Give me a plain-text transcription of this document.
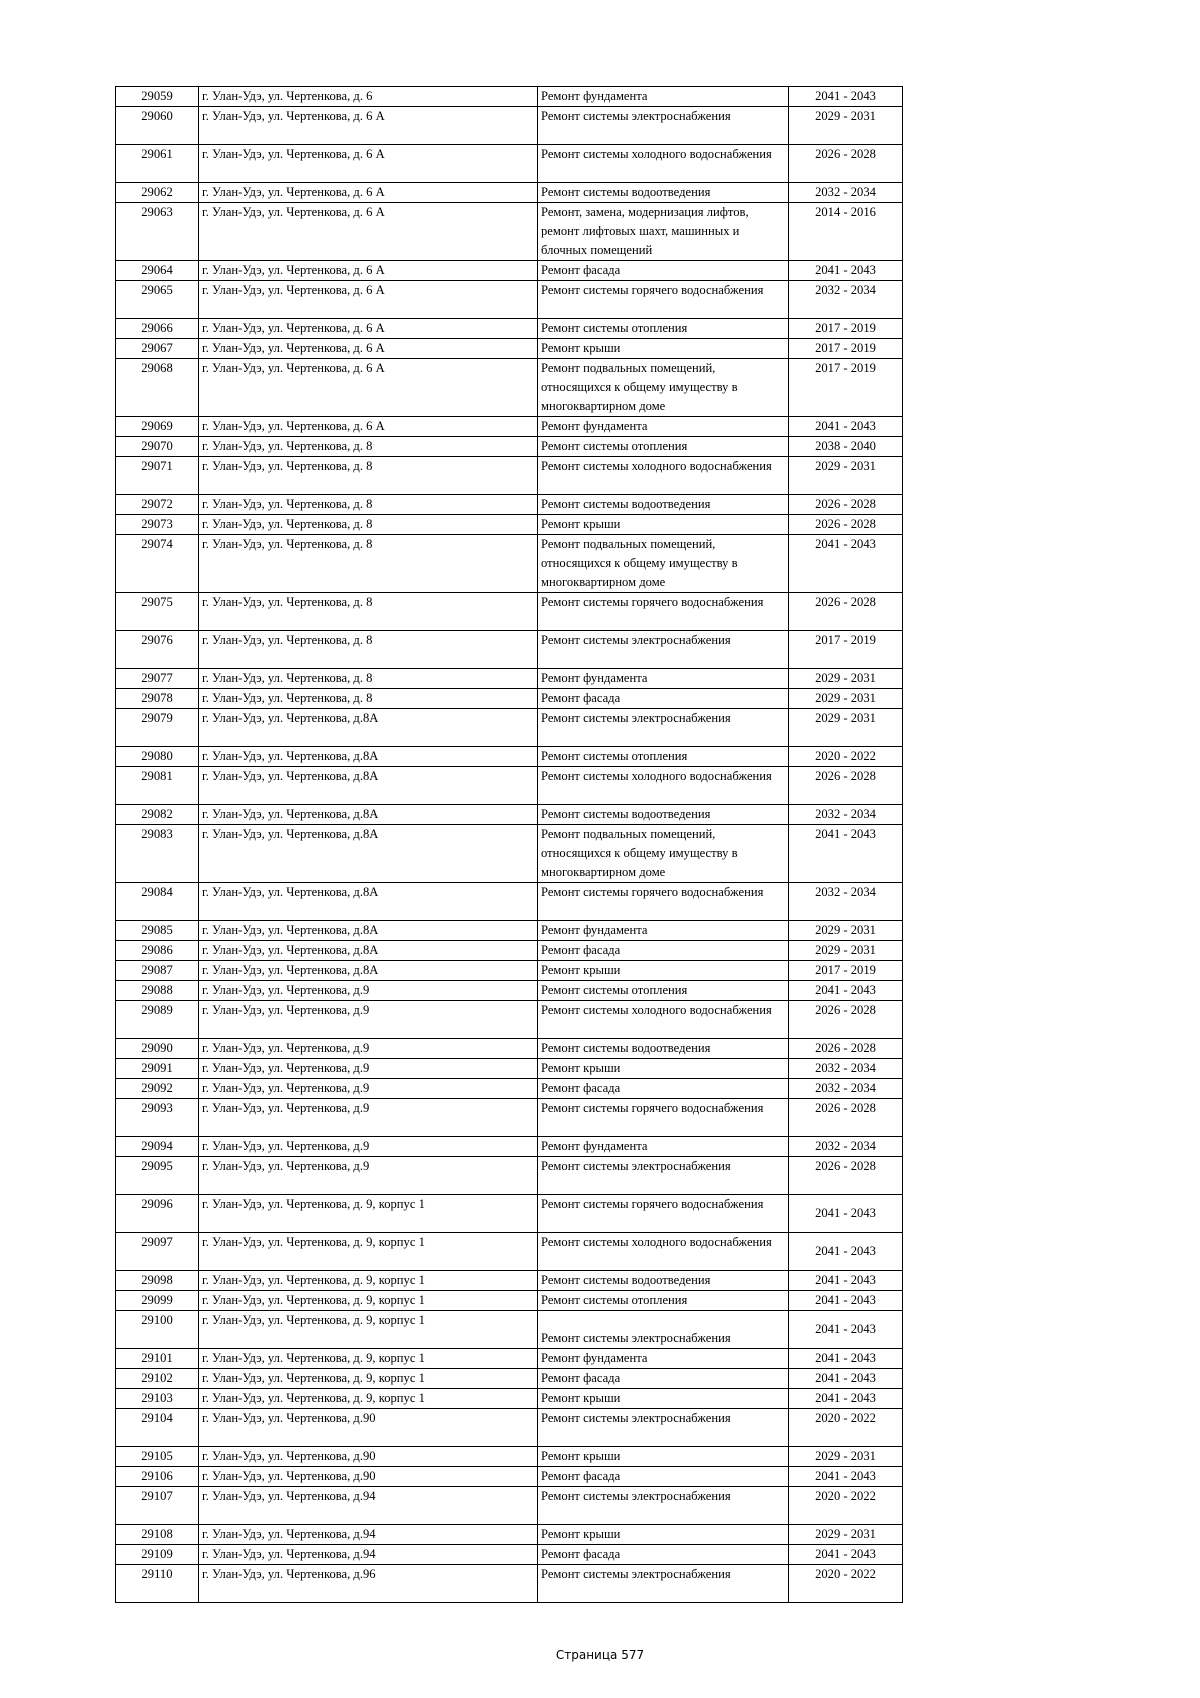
29059	г. Улан-Удэ, ул. Чертенкова, д. 6	Ремонт фундамента	2041 - 2043
29060	г. Улан-Удэ, ул. Чертенкова, д. 6 А	Ремонт системы электроснабжения	2029 - 2031
29061	г. Улан-Удэ, ул. Чертенкова, д. 6 А	Ремонт системы холодного водоснабжения	2026 - 2028
29062	г. Улан-Удэ, ул. Чертенкова, д. 6 А	Ремонт системы водоотведения	2032 - 2034
29063	г. Улан-Удэ, ул. Чертенкова, д. 6 А	Ремонт, замена, модернизация лифтов, ремонт лифтовых шахт, машинных и блочных помещений	2014 - 2016
29064	г. Улан-Удэ, ул. Чертенкова, д. 6 А	Ремонт фасада	2041 - 2043
29065	г. Улан-Удэ, ул. Чертенкова, д. 6 А	Ремонт системы горячего водоснабжения	2032 - 2034
29066	г. Улан-Удэ, ул. Чертенкова, д. 6 А	Ремонт системы отопления	2017 - 2019
29067	г. Улан-Удэ, ул. Чертенкова, д. 6 А	Ремонт крыши	2017 - 2019
29068	г. Улан-Удэ, ул. Чертенкова, д. 6 А	Ремонт подвальных помещений, относящихся к общему имуществу в многоквартирном доме	2017 - 2019
29069	г. Улан-Удэ, ул. Чертенкова, д. 6 А	Ремонт фундамента	2041 - 2043
29070	г. Улан-Удэ, ул. Чертенкова, д. 8	Ремонт системы отопления	2038 - 2040
29071	г. Улан-Удэ, ул. Чертенкова, д. 8	Ремонт системы холодного водоснабжения	2029 - 2031
29072	г. Улан-Удэ, ул. Чертенкова, д. 8	Ремонт системы водоотведения	2026 - 2028
29073	г. Улан-Удэ, ул. Чертенкова, д. 8	Ремонт крыши	2026 - 2028
29074	г. Улан-Удэ, ул. Чертенкова, д. 8	Ремонт подвальных помещений, относящихся к общему имуществу в многоквартирном доме	2041 - 2043
29075	г. Улан-Удэ, ул. Чертенкова, д. 8	Ремонт системы горячего водоснабжения	2026 - 2028
29076	г. Улан-Удэ, ул. Чертенкова, д. 8	Ремонт системы электроснабжения	2017 - 2019
29077	г. Улан-Удэ, ул. Чертенкова, д. 8	Ремонт фундамента	2029 - 2031
29078	г. Улан-Удэ, ул. Чертенкова, д. 8	Ремонт фасада	2029 - 2031
29079	г. Улан-Удэ, ул. Чертенкова, д.8А	Ремонт системы электроснабжения	2029 - 2031
29080	г. Улан-Удэ, ул. Чертенкова, д.8А	Ремонт системы отопления	2020 - 2022
29081	г. Улан-Удэ, ул. Чертенкова, д.8А	Ремонт системы холодного водоснабжения	2026 - 2028
29082	г. Улан-Удэ, ул. Чертенкова, д.8А	Ремонт системы водоотведения	2032 - 2034
29083	г. Улан-Удэ, ул. Чертенкова, д.8А	Ремонт подвальных помещений, относящихся к общему имуществу в многоквартирном доме	2041 - 2043
29084	г. Улан-Удэ, ул. Чертенкова, д.8А	Ремонт системы горячего водоснабжения	2032 - 2034
29085	г. Улан-Удэ, ул. Чертенкова, д.8А	Ремонт фундамента	2029 - 2031
29086	г. Улан-Удэ, ул. Чертенкова, д.8А	Ремонт фасада	2029 - 2031
29087	г. Улан-Удэ, ул. Чертенкова, д.8А	Ремонт крыши	2017 - 2019
29088	г. Улан-Удэ, ул. Чертенкова, д.9	Ремонт системы отопления	2041 - 2043
29089	г. Улан-Удэ, ул. Чертенкова, д.9	Ремонт системы холодного водоснабжения	2026 - 2028
29090	г. Улан-Удэ, ул. Чертенкова, д.9	Ремонт системы водоотведения	2026 - 2028
29091	г. Улан-Удэ, ул. Чертенкова, д.9	Ремонт крыши	2032 - 2034
29092	г. Улан-Удэ, ул. Чертенкова, д.9	Ремонт фасада	2032 - 2034
29093	г. Улан-Удэ, ул. Чертенкова, д.9	Ремонт системы горячего водоснабжения	2026 - 2028
29094	г. Улан-Удэ, ул. Чертенкова, д.9	Ремонт фундамента	2032 - 2034
29095	г. Улан-Удэ, ул. Чертенкова, д.9	Ремонт системы электроснабжения	2026 - 2028
29096	г. Улан-Удэ, ул. Чертенкова, д. 9, корпус 1	Ремонт системы горячего водоснабжения	2041 - 2043
29097	г. Улан-Удэ, ул. Чертенкова, д. 9, корпус 1	Ремонт системы холодного водоснабжения	2041 - 2043
29098	г. Улан-Удэ, ул. Чертенкова, д. 9, корпус 1	Ремонт системы водоотведения	2041 - 2043
29099	г. Улан-Удэ, ул. Чертенкова, д. 9, корпус 1	Ремонт системы отопления	2041 - 2043
29100	г. Улан-Удэ, ул. Чертенкова, д. 9, корпус 1	Ремонт системы электроснабжения	2041 - 2043
29101	г. Улан-Удэ, ул. Чертенкова, д. 9, корпус 1	Ремонт фундамента	2041 - 2043
29102	г. Улан-Удэ, ул. Чертенкова, д. 9, корпус 1	Ремонт фасада	2041 - 2043
29103	г. Улан-Удэ, ул. Чертенкова, д. 9, корпус 1	Ремонт крыши	2041 - 2043
29104	г. Улан-Удэ, ул. Чертенкова, д.90	Ремонт системы электроснабжения	2020 - 2022
29105	г. Улан-Удэ, ул. Чертенкова, д.90	Ремонт крыши	2029 - 2031
29106	г. Улан-Удэ, ул. Чертенкова, д.90	Ремонт фасада	2041 - 2043
29107	г. Улан-Удэ, ул. Чертенкова, д.94	Ремонт системы электроснабжения	2020 - 2022
29108	г. Улан-Удэ, ул. Чертенкова, д.94	Ремонт крыши	2029 - 2031
29109	г. Улан-Удэ, ул. Чертенкова, д.94	Ремонт фасада	2041 - 2043
29110	г. Улан-Удэ, ул. Чертенкова, д.96	Ремонт системы электроснабжения	2020 - 2022
Страница 577
